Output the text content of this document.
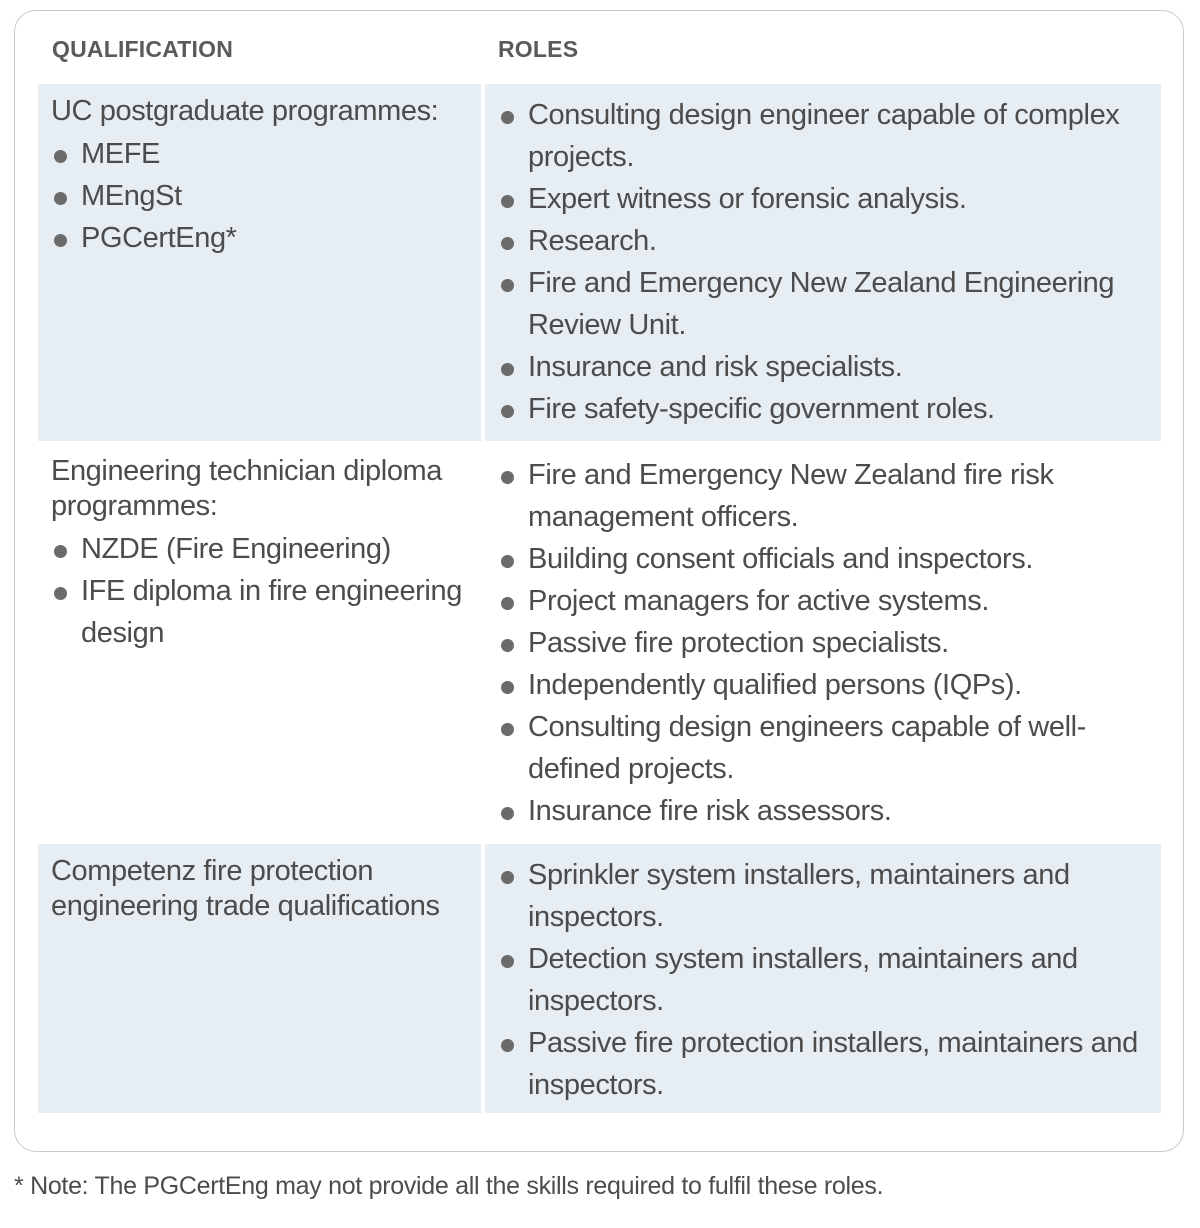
QUALIFICATION	ROLES
UC postgraduate programmes:
MEFE
MEngSt
PGCertEng*
Consulting design engineer capable of complex projects.
Expert witness or forensic analysis.
Research.
Fire and Emergency New Zealand Engineering Review Unit.
Insurance and risk specialists.
Fire safety-specific government roles.
Engineering technician diploma programmes:
NZDE (Fire Engineering)
IFE diploma in fire engineering design
Fire and Emergency New Zealand fire risk management officers.
Building consent officials and inspectors.
Project managers for active systems.
Passive fire protection specialists.
Independently qualified persons (IQPs).
Consulting design engineers capable of well-defined projects.
Insurance fire risk assessors.
Competenz fire protection engineering trade qualifications
Sprinkler system installers, maintainers and inspectors.
Detection system installers, maintainers and inspectors.
Passive fire protection installers, maintainers and inspectors.
* Note: The PGCertEng may not provide all the skills required to fulfil these roles.
